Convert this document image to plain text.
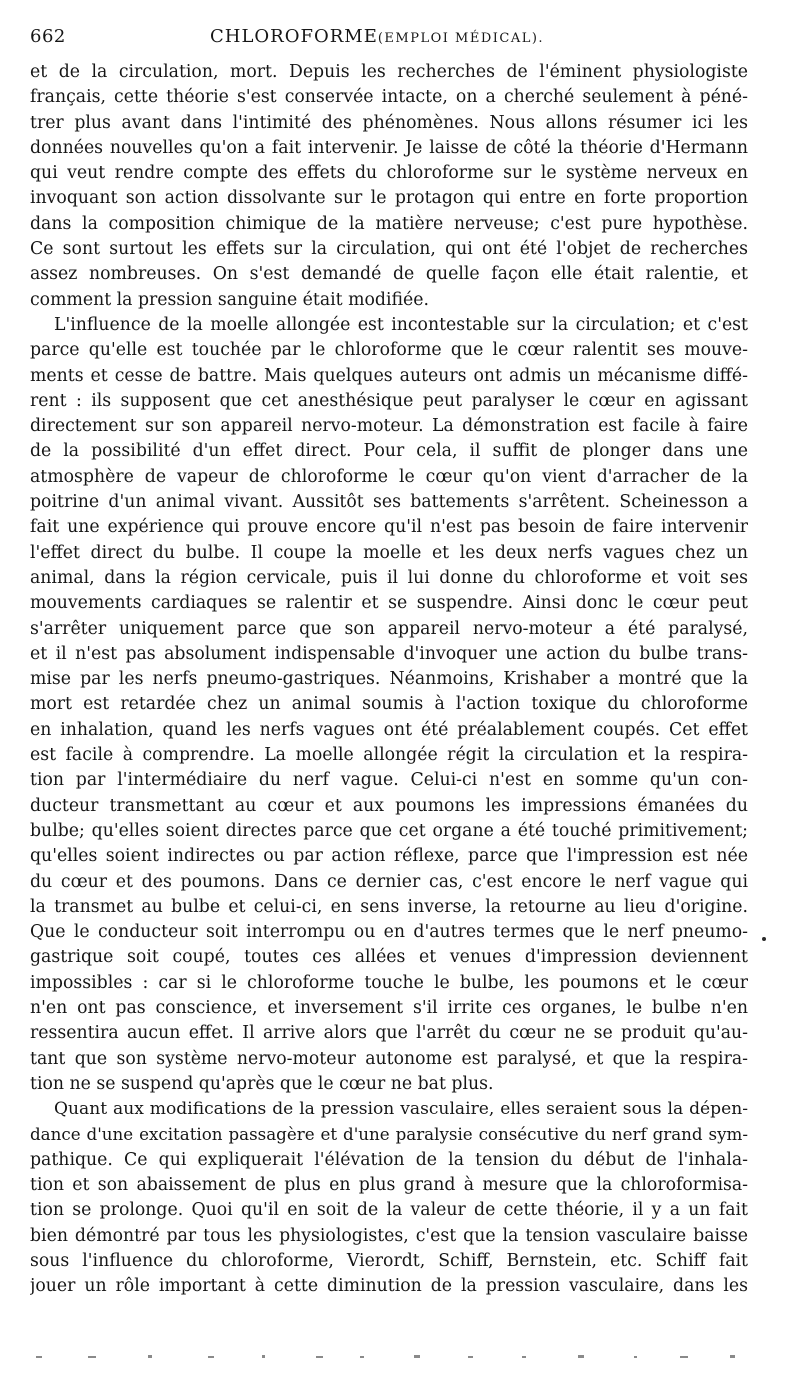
662	CHLOROFORME(EMPLOI MÉDICAL).
et de la circulation, mort. Depuis les recherches de l'éminent physiologiste
français, cette théorie s'est conservée intacte, on a cherché seulement à péné-
trer plus avant dans l'intimité des phénomènes. Nous allons résumer ici les
données nouvelles qu'on a fait intervenir. Je laisse de côté la théorie d'Hermann
qui veut rendre compte des effets du chloroforme sur le système nerveux en
invoquant son action dissolvante sur le protagon qui entre en forte proportion
dans la composition chimique de la matière nerveuse; c'est pure hypothèse.
Ce sont surtout les effets sur la circulation, qui ont été l'objet de recherches
assez nombreuses. On s'est demandé de quelle façon elle était ralentie, et
comment la pression sanguine était modifiée.
L'influence de la moelle allongée est incontestable sur la circulation; et c'est
parce qu'elle est touchée par le chloroforme que le cœur ralentit ses mouve-
ments et cesse de battre. Mais quelques auteurs ont admis un mécanisme diffé-
rent : ils supposent que cet anesthésique peut paralyser le cœur en agissant
directement sur son appareil nervo-moteur. La démonstration est facile à faire
de la possibilité d'un effet direct. Pour cela, il suffit de plonger dans une
atmosphère de vapeur de chloroforme le cœur qu'on vient d'arracher de la
poitrine d'un animal vivant. Aussitôt ses battements s'arrêtent. Scheinesson a
fait une expérience qui prouve encore qu'il n'est pas besoin de faire intervenir
l'effet direct du bulbe. Il coupe la moelle et les deux nerfs vagues chez un
animal, dans la région cervicale, puis il lui donne du chloroforme et voit ses
mouvements cardiaques se ralentir et se suspendre. Ainsi donc le cœur peut
s'arrêter uniquement parce que son appareil nervo-moteur a été paralysé,
et il n'est pas absolument indispensable d'invoquer une action du bulbe trans-
mise par les nerfs pneumo-gastriques. Néanmoins, Krishaber a montré que la
mort est retardée chez un animal soumis à l'action toxique du chloroforme
en inhalation, quand les nerfs vagues ont été préalablement coupés. Cet effet
est facile à comprendre. La moelle allongée régit la circulation et la respira-
tion par l'intermédiaire du nerf vague. Celui-ci n'est en somme qu'un con-
ducteur transmettant au cœur et aux poumons les impressions émanées du
bulbe; qu'elles soient directes parce que cet organe a été touché primitivement;
qu'elles soient indirectes ou par action réflexe, parce que l'impression est née
du cœur et des poumons. Dans ce dernier cas, c'est encore le nerf vague qui
la transmet au bulbe et celui-ci, en sens inverse, la retourne au lieu d'origine.
Que le conducteur soit interrompu ou en d'autres termes que le nerf pneumo-
gastrique soit coupé, toutes ces allées et venues d'impression deviennent
impossibles : car si le chloroforme touche le bulbe, les poumons et le cœur
n'en ont pas conscience, et inversement s'il irrite ces organes, le bulbe n'en
ressentira aucun effet. Il arrive alors que l'arrêt du cœur ne se produit qu'au-
tant que son système nervo-moteur autonome est paralysé, et que la respira-
tion ne se suspend qu'après que le cœur ne bat plus.
Quant aux modifications de la pression vasculaire, elles seraient sous la dépen-
dance d'une excitation passagère et d'une paralysie consécutive du nerf grand sym-
pathique. Ce qui expliquerait l'élévation de la tension du début de l'inhala-
tion et son abaissement de plus en plus grand à mesure que la chloroformisa-
tion se prolonge. Quoi qu'il en soit de la valeur de cette théorie, il y a un fait
bien démontré par tous les physiologistes, c'est que la tension vasculaire baisse
sous l'influence du chloroforme, Vierordt, Schiff, Bernstein, etc. Schiff fait
jouer un rôle important à cette diminution de la pression vasculaire, dans les
